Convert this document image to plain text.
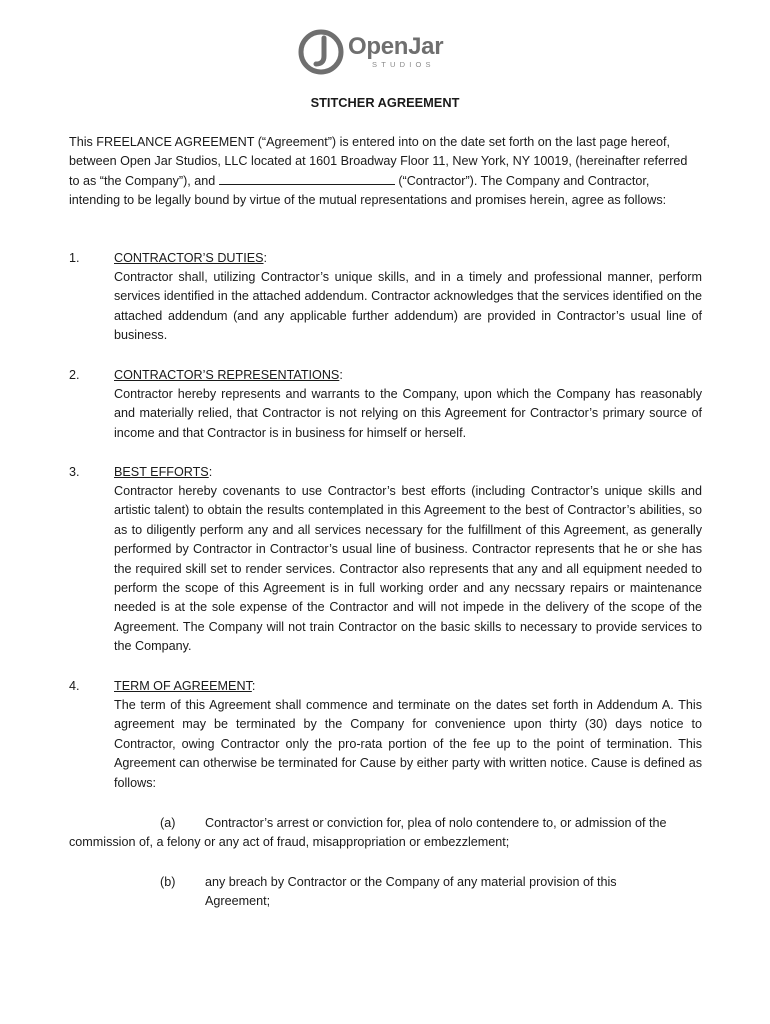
OpenJar
STUDIOS
STITCHER AGREEMENT

This FREELANCE AGREEMENT (“Agreement”) is entered into on the date set forth on the last page hereof, between Open Jar Studios, LLC located at 1601 Broadway Floor 11, New York, NY 10019, (hereinafter referred to as “the Company”), and	(“Contractor”). The Company and Contractor, intending to be legally bound by virtue of the mutual representations and promises herein, agree as follows:

1.	CONTRACTOR’S DUTIES:

Contractor shall, utilizing Contractor’s unique skills, and in a timely and professional manner, perform services identified in the attached addendum. Contractor acknowledges that the services identified on the attached addendum (and any applicable further addendum) are provided in Contractor’s usual line of business.

2.	CONTRACTOR’S REPRESENTATIONS:

Contractor hereby represents and warrants to the Company, upon which the Company has reasonably and materially relied, that Contractor is not relying on this Agreement for Contractor’s primary source of income and that Contractor is in business for himself or herself.

3.	BEST EFFORTS:

Contractor hereby covenants to use Contractor’s best efforts (including Contractor’s unique skills and artistic talent) to obtain the results contemplated in this Agreement to the best of Contractor’s abilities, so as to diligently perform any and all services necessary for the fulfillment of this Agreement, as generally performed by Contractor in Contractor’s usual line of business. Contractor represents that he or she has the required skill set to render services. Contractor also represents that any and all equipment needed to perform the scope of this Agreement is in full working order and any necssary repairs or maintenance needed is at the sole expense of the Contractor and will not impede in the delivery of the scope of the Agreement. The Company will not train Contractor on the basic skills to necessary to provide services to the Company.

4.	TERM OF AGREEMENT:

The term of this Agreement shall commence and terminate on the dates set forth in Addendum A. This agreement may be terminated by the Company for convenience upon thirty (30) days notice to Contractor, owing Contractor only the pro-rata portion of the fee up to the point of termination. This Agreement can otherwise be terminated for Cause by either party with written notice. Cause is defined as follows:

(a) Contractor’s arrest or conviction for, plea of nolo contendere to, or admission of the commission of, a felony or any act of fraud, misappropriation or embezzlement;

(b) any breach by Contractor or the Company of any material provision of this Agreement;
